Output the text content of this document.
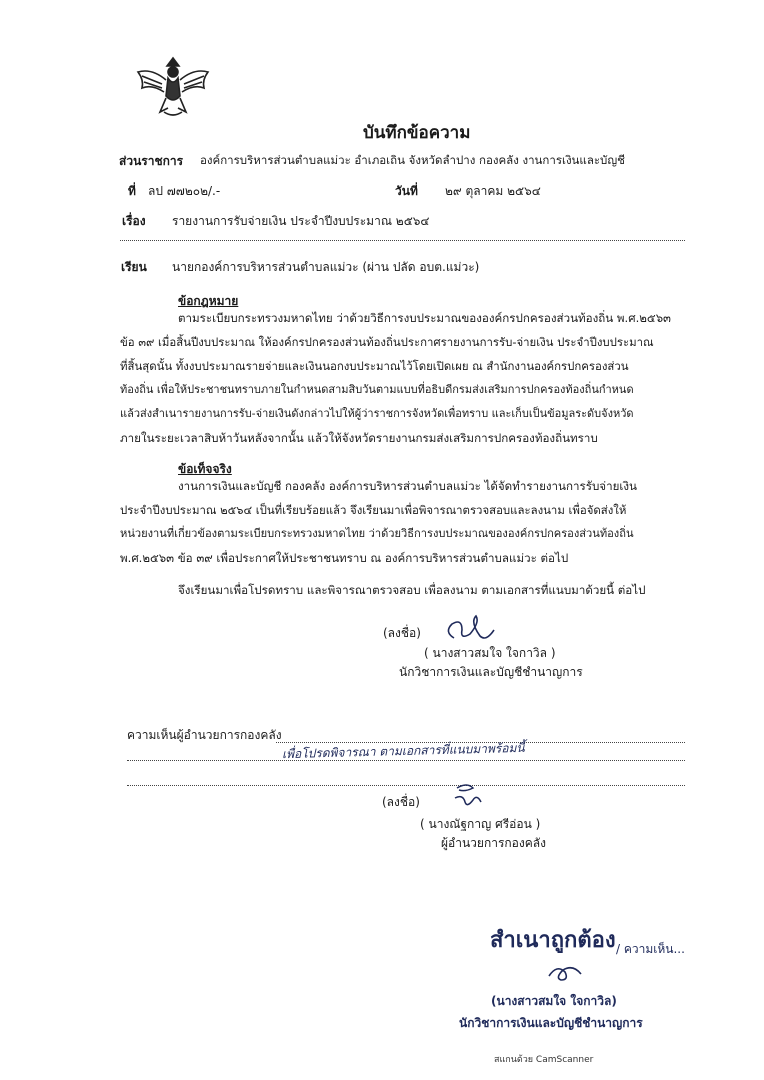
บันทึกข้อความ
ส่วนราชการ องค์การบริหารส่วนตำบลแม่วะ อำเภอเถิน จังหวัดลำปาง กองคลัง งานการเงินและบัญชี
ที่ ลป ๗๗๒๐๒/.-	วันที่ ๒๙ ตุลาคม ๒๕๖๔
เรื่อง รายงานการรับจ่ายเงิน ประจำปีงบประมาณ ๒๕๖๔
เรียน นายกองค์การบริหารส่วนตำบลแม่วะ (ผ่าน ปลัด อบต.แม่วะ)
ข้อกฎหมาย
ตามระเบียบกระทรวงมหาดไทย ว่าด้วยวิธีการงบประมาณขององค์กรปกครองส่วนท้องถิ่น พ.ศ.๒๕๖๓
ข้อ ๓๙ เมื่อสิ้นปีงบประมาณ ให้องค์กรปกครองส่วนท้องถิ่นประกาศรายงานการรับ-จ่ายเงิน ประจำปีงบประมาณ
ที่สิ้นสุดนั้น ทั้งงบประมาณรายจ่ายและเงินนอกงบประมาณไว้โดยเปิดเผย ณ สำนักงานองค์กรปกครองส่วน
ท้องถิ่น เพื่อให้ประชาชนทราบภายในกำหนดสามสิบวันตามแบบที่อธิบดีกรมส่งเสริมการปกครองท้องถิ่นกำหนด
แล้วส่งสำเนารายงานการรับ-จ่ายเงินดังกล่าวไปให้ผู้ว่าราชการจังหวัดเพื่อทราบ และเก็บเป็นข้อมูลระดับจังหวัด
ภายในระยะเวลาสิบห้าวันหลังจากนั้น แล้วให้จังหวัดรายงานกรมส่งเสริมการปกครองท้องถิ่นทราบ
ข้อเท็จจริง
งานการเงินและบัญชี กองคลัง องค์การบริหารส่วนตำบลแม่วะ ได้จัดทำรายงานการรับจ่ายเงิน
ประจำปีงบประมาณ ๒๕๖๔ เป็นที่เรียบร้อยแล้ว จึงเรียนมาเพื่อพิจารณาตรวจสอบและลงนาม เพื่อจัดส่งให้
หน่วยงานที่เกี่ยวข้องตามระเบียบกระทรวงมหาดไทย ว่าด้วยวิธีการงบประมาณขององค์กรปกครองส่วนท้องถิ่น
พ.ศ.๒๕๖๓ ข้อ ๓๙ เพื่อประกาศให้ประชาชนทราบ ณ องค์การบริหารส่วนตำบลแม่วะ ต่อไป
จึงเรียนมาเพื่อโปรดทราบ และพิจารณาตรวจสอบ เพื่อลงนาม ตามเอกสารที่แนบมาด้วยนี้ ต่อไป
(ลงชื่อ)
( นางสาวสมใจ ใจกาวิล )
นักวิชาการเงินและบัญชีชำนาญการ
ความเห็นผู้อำนวยการกองคลัง
เพื่อโปรดพิจารณา ตามเอกสารที่แนบมาพร้อมนี้
(ลงชื่อ)
( นางณัฐกาญ ศรีอ่อน )
ผู้อำนวยการกองคลัง
สำเนาถูกต้อง / ความเห็น...
(นางสาวสมใจ ใจกาวิล)
นักวิชาการเงินและบัญชีชำนาญการ
สแกนด้วย CamScanner
